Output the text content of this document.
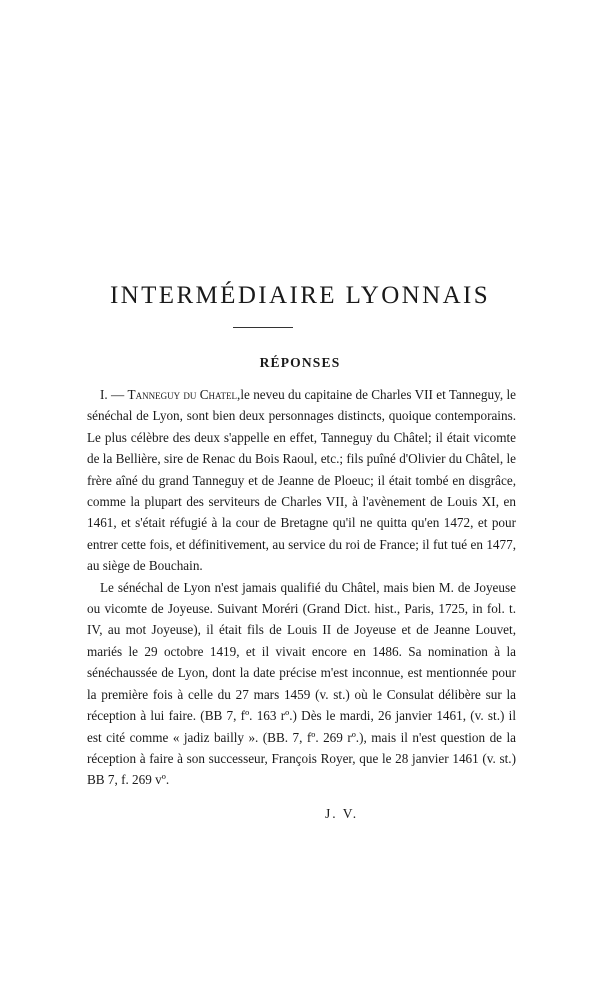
INTERMÉDIAIRE LYONNAIS
RÉPONSES

I. — Tanneguy du Chatel,le neveu du capitaine de Charles VII et Tanneguy, le sénéchal de Lyon, sont bien deux personnages distincts, quoique contemporains. Le plus célèbre des deux s'appelle en effet, Tanneguy du Châtel; il était vicomte de la Bellière, sire de Renac du Bois Raoul, etc.; fils puîné d'Olivier du Châtel, le frère aîné du grand Tanneguy et de Jeanne de Ploeuc; il était tombé en disgrâce, comme la plupart des serviteurs de Charles VII, à l'avènement de Louis XI, en 1461, et s'était réfugié à la cour de Bretagne qu'il ne quitta qu'en 1472, et pour entrer cette fois, et définitivement, au service du roi de France; il fut tué en 1477, au siège de Bouchain.

Le sénéchal de Lyon n'est jamais qualifié du Châtel, mais bien M. de Joyeuse ou vicomte de Joyeuse. Suivant Moréri (Grand Dict. hist., Paris, 1725, in fol. t. IV, au mot Joyeuse), il était fils de Louis II de Joyeuse et de Jeanne Louvet, mariés le 29 octobre 1419, et il vivait encore en 1486. Sa nomination à la sénéchaussée de Lyon, dont la date précise m'est inconnue, est mentionnée pour la première fois à celle du 27 mars 1459 (v. st.) où le Consulat délibère sur la réception à lui faire. (BB 7, fº. 163 rº.) Dès le mardi, 26 janvier 1461, (v. st.) il est cité comme « jadiz bailly ». (BB. 7, fº. 269 rº.), mais il n'est question de la réception à faire à son successeur, François Royer, que le 28 janvier 1461 (v. st.) BB 7, f. 269 vº.

J. V.
